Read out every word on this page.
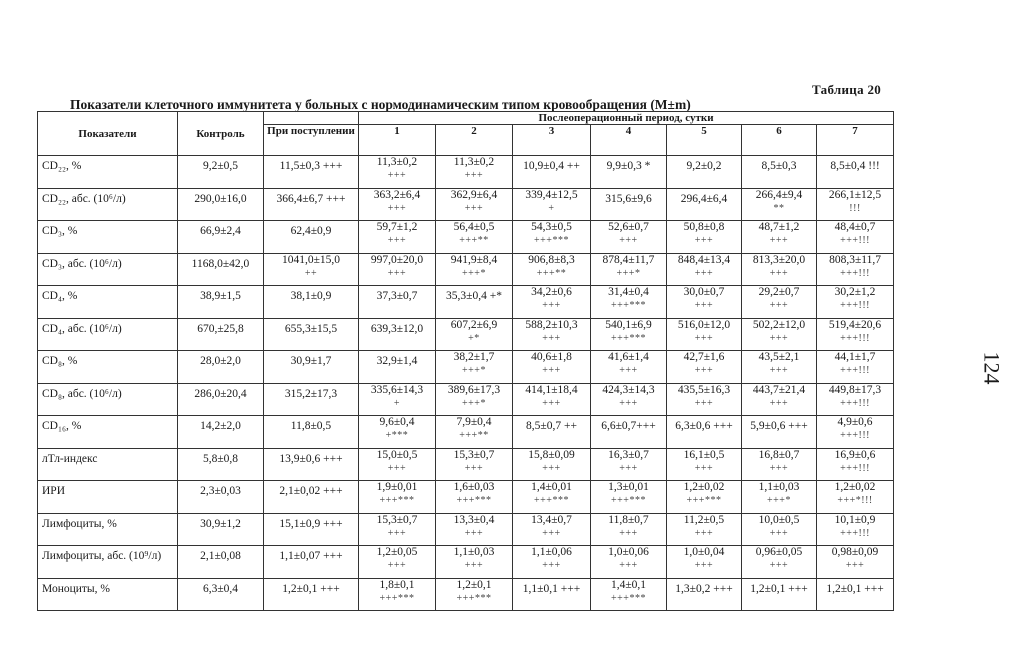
Таблица 20
Показатели клеточного иммунитета у больных с нормодинамическим типом кровообращения (M±m)
124
Показатели	Контроль		Послеоперационный период, сутки						
		При поступлении	1	2	3	4	5	6	7
CD₂₂, %	9,2±0,5	11,5±0,3 +++	11,3±0,2
+++	11,3±0,2
+++	10,9±0,4 ++	9,9±0,3 *	9,2±0,2	8,5±0,3	8,5±0,4 !!!

CD₂₂, абс. (10⁶/л)	290,0±16,0	366,4±6,7 +++	363,2±6,4
+++	362,9±6,4
+++	339,4±12,5
+	315,6±9,6	296,4±6,4	266,4±9,4
**	266,1±12,5
!!!

CD₃, %	66,9±2,4	62,4±0,9	59,7±1,2
+++	56,4±0,5
+++**	54,3±0,5
+++***	52,6±0,7
+++	50,8±0,8
+++	48,7±1,2
+++	48,4±0,7
+++!!!

CD₃, абс. (10⁶/л)	1168,0±42,0	1041,0±15,0
++	997,0±20,0
+++	941,9±8,4
+++*	906,8±8,3
+++**	878,4±11,7
+++*	848,4±13,4
+++	813,3±20,0
+++	808,3±11,7
+++!!!

CD₄, %	38,9±1,5	38,1±0,9	37,3±0,7	35,3±0,4 +*	34,2±0,6
+++	31,4±0,4
+++***	30,0±0,7
+++	29,2±0,7
+++	30,2±1,2
+++!!!

CD₄, абс. (10⁶/л)	670,±25,8	655,3±15,5	639,3±12,0	607,2±6,9
+*	588,2±10,3
+++	540,1±6,9
+++***	516,0±12,0
+++	502,2±12,0
+++	519,4±20,6
+++!!!

CD₈, %	28,0±2,0	30,9±1,7	32,9±1,4	38,2±1,7
+++*	40,6±1,8
+++	41,6±1,4
+++	42,7±1,6
+++	43,5±2,1
+++	44,1±1,7
+++!!!

CD₈, абс. (10⁶/л)	286,0±20,4	315,2±17,3	335,6±14,3
+	389,6±17,3
+++*	414,1±18,4
+++	424,3±14,3
+++	435,5±16,3
+++	443,7±21,4
+++	449,8±17,3
+++!!!

CD₁₆, %	14,2±2,0	11,8±0,5	9,6±0,4
+***	7,9±0,4
+++**	8,5±0,7 ++	6,6±0,7+++	6,3±0,6 +++	5,9±0,6 +++	4,9±0,6
+++!!!

лТл-индекс	5,8±0,8	13,9±0,6 +++	15,0±0,5
+++	15,3±0,7
+++	15,8±0,09
+++	16,3±0,7
+++	16,1±0,5
+++	16,8±0,7
+++	16,9±0,6
+++!!!

ИРИ	2,3±0,03	2,1±0,02 +++	1,9±0,01
+++***	1,6±0,03
+++***	1,4±0,01
+++***	1,3±0,01
+++***	1,2±0,02
+++***	1,1±0,03
+++*	1,2±0,02
+++*!!!

Лимфоциты, %	30,9±1,2	15,1±0,9 +++	15,3±0,7
+++	13,3±0,4
+++	13,4±0,7
+++	11,8±0,7
+++	11,2±0,5
+++	10,0±0,5
+++	10,1±0,9
+++!!!

Лимфоциты, абс. (10⁹/л)	2,1±0,08	1,1±0,07 +++	1,2±0,05
+++	1,1±0,03
+++	1,1±0,06
+++	1,0±0,06
+++	1,0±0,04
+++	0,96±0,05
+++	0,98±0,09
+++

Моноциты, %	6,3±0,4	1,2±0,1 +++	1,8±0,1
+++***	1,2±0,1
+++***	1,1±0,1 +++	1,4±0,1
+++***	1,3±0,2 +++	1,2±0,1 +++	1,2±0,1 +++
